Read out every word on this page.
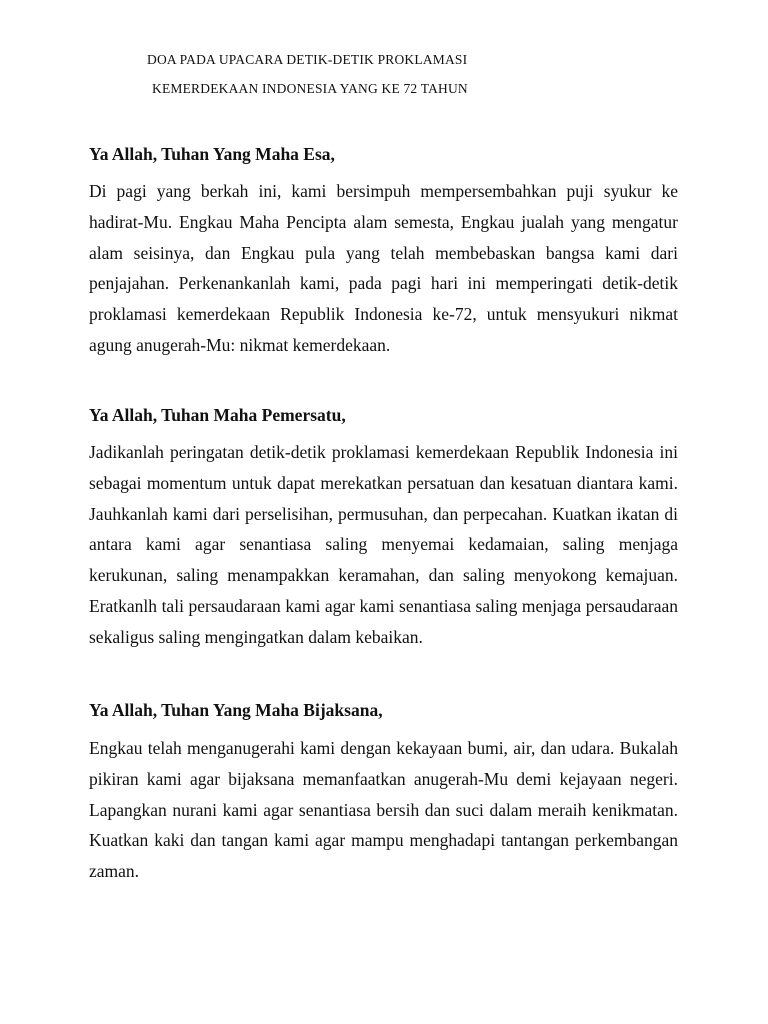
DOA PADA UPACARA DETIK-DETIK PROKLAMASI

KEMERDEKAAN INDONESIA YANG KE 72 TAHUN

Ya Allah, Tuhan Yang Maha Esa,

Di pagi yang berkah ini, kami bersimpuh mempersembahkan puji syukur ke hadirat-Mu. Engkau Maha Pencipta alam semesta, Engkau jualah yang mengatur alam seisinya, dan Engkau pula yang telah membebaskan bangsa kami dari penjajahan. Perkenankanlah kami, pada pagi hari ini memperingati detik-detik proklamasi kemerdekaan Republik Indonesia ke-72, untuk mensyukuri nikmat agung anugerah-Mu: nikmat kemerdekaan.

Ya Allah, Tuhan Maha Pemersatu,

Jadikanlah peringatan detik-detik proklamasi kemerdekaan Republik Indonesia ini sebagai momentum untuk dapat merekatkan persatuan dan kesatuan diantara kami. Jauhkanlah kami dari perselisihan, permusuhan, dan perpecahan. Kuatkan ikatan di antara kami agar senantiasa saling menyemai kedamaian, saling menjaga kerukunan, saling menampakkan keramahan, dan saling menyokong kemajuan. Eratkanlh tali persaudaraan kami agar kami senantiasa saling menjaga persaudaraan sekaligus saling mengingatkan dalam kebaikan.

Ya Allah, Tuhan Yang Maha Bijaksana,

Engkau telah menganugerahi kami dengan kekayaan bumi, air, dan udara. Bukalah pikiran kami agar bijaksana memanfaatkan anugerah-Mu demi kejayaan negeri. Lapangkan nurani kami agar senantiasa bersih dan suci dalam meraih kenikmatan. Kuatkan kaki dan tangan kami agar mampu menghadapi tantangan perkembangan zaman.
